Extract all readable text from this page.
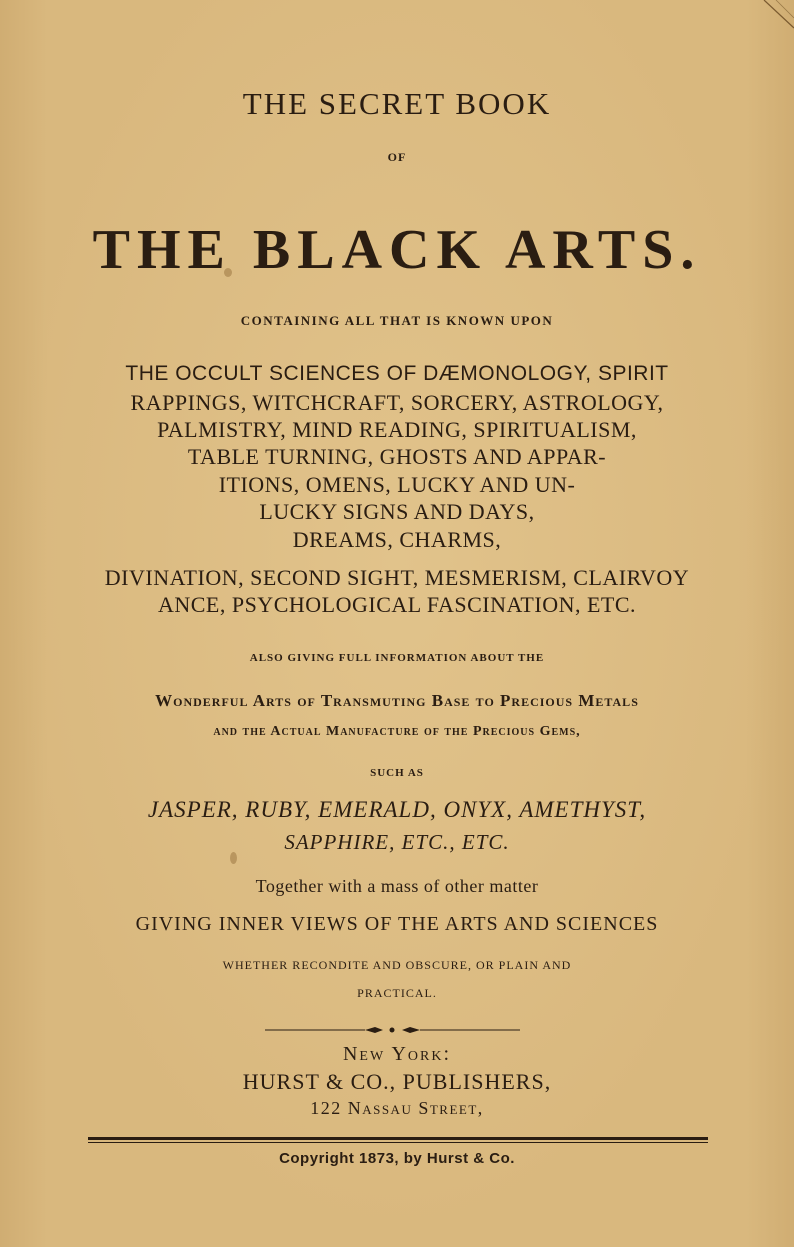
THE SECRET BOOK

OF

THE BLACK ARTS.

CONTAINING ALL THAT IS KNOWN UPON

THE OCCULT SCIENCES OF DÆMONOLOGY, SPIRIT

RAPPINGS, WITCHCRAFT, SORCERY, ASTROLOGY,

PALMISTRY, MIND READING, SPIRITUALISM,

TABLE TURNING, GHOSTS AND APPAR-

ITIONS, OMENS, LUCKY AND UN-

LUCKY SIGNS AND DAYS,

DREAMS, CHARMS,

DIVINATION, SECOND SIGHT, MESMERISM, CLAIRVOY

ANCE, PSYCHOLOGICAL FASCINATION, ETC.

ALSO GIVING FULL INFORMATION ABOUT THE

Wonderful Arts of Transmuting Base to Precious Metals

and the Actual Manufacture of the Precious Gems,

SUCH AS

JASPER, RUBY, EMERALD, ONYX, AMETHYST,

SAPPHIRE, ETC., ETC.

Together with a mass of other matter

GIVING INNER VIEWS OF THE ARTS AND SCIENCES

WHETHER RECONDITE AND OBSCURE, OR PLAIN AND

PRACTICAL.

New York:

HURST & CO., PUBLISHERS,

122 Nassau Street,

Copyright 1873, by Hurst & Co.
